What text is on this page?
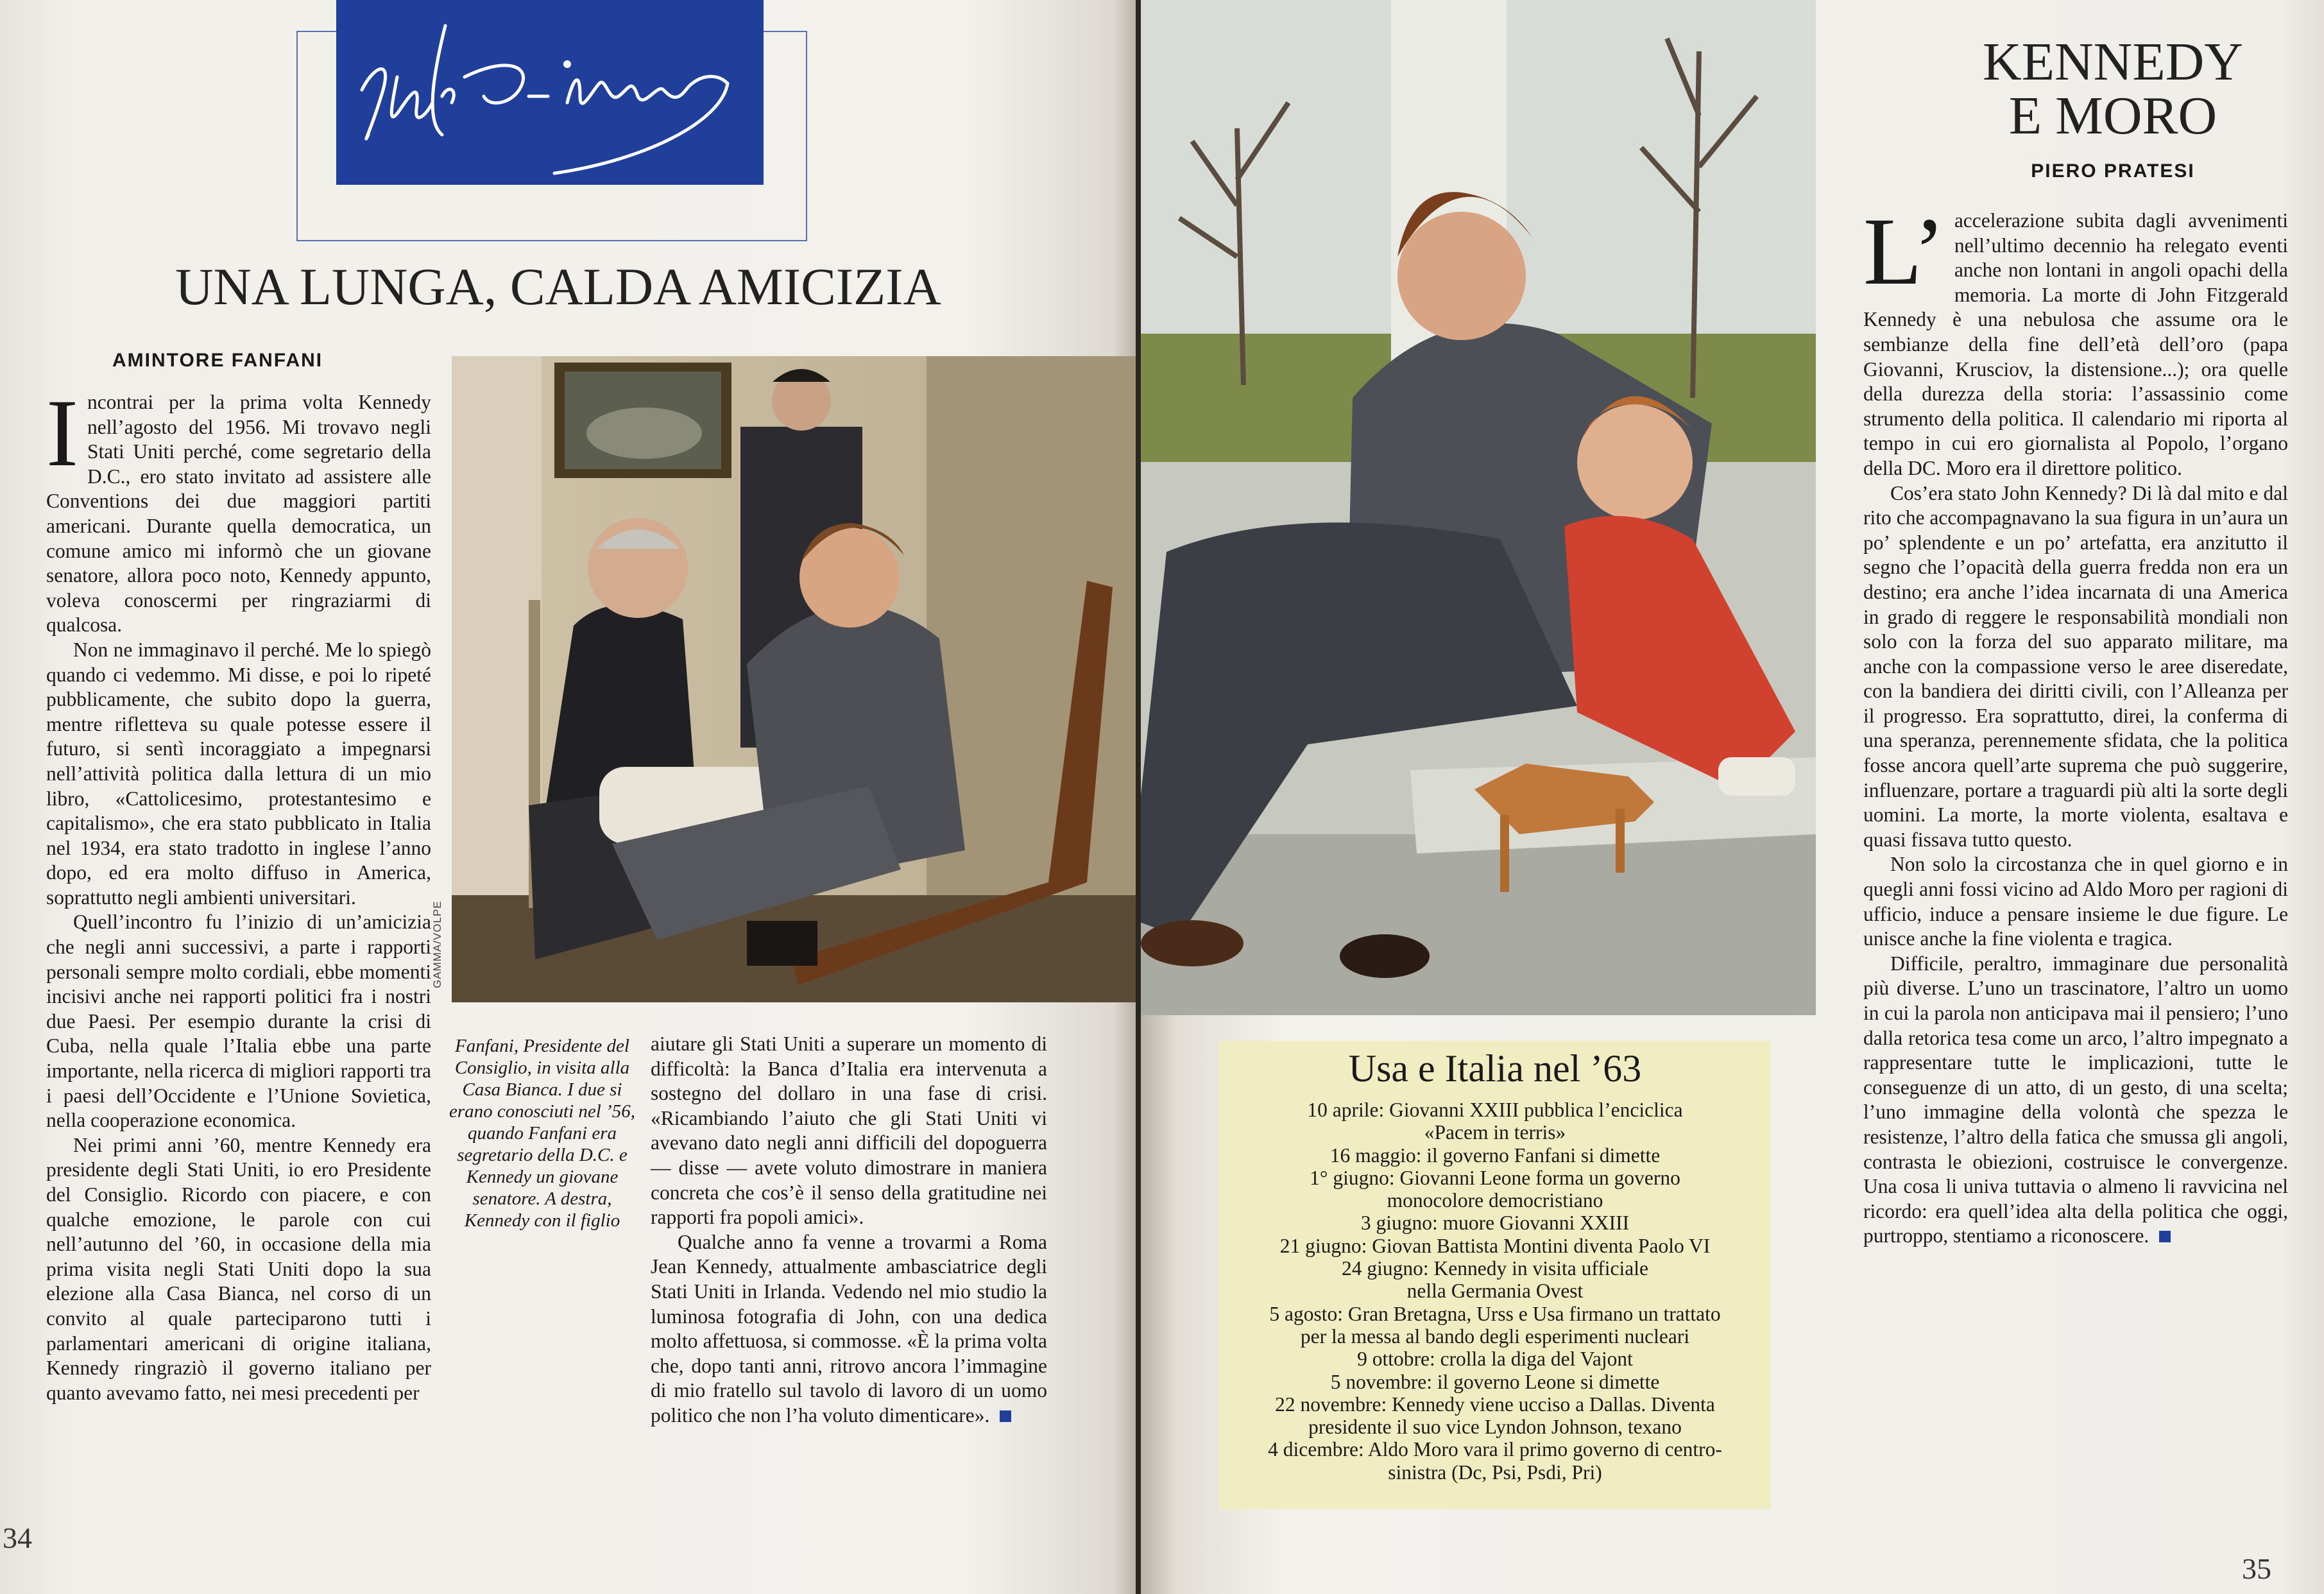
UNA LUNGA, CALDA AMICIZIA
AMINTORE FANFANI
I ncontrai per la prima volta Kennedy nell’agosto del 1956. Mi trovavo negli Stati Uniti perché, come segretario della D.C., ero stato invitato ad assistere alle Conventions dei due maggiori partiti americani. Durante quella democratica, un comune amico mi informò che un giovane senatore, allora poco noto, Kennedy appunto, voleva conoscermi per ringraziarmi di qualcosa.

Non ne immaginavo il perché. Me lo spiegò quando ci vedemmo. Mi disse, e poi lo ripeté pubblicamente, che subito dopo la guerra, mentre rifletteva su quale potesse essere il futuro, si sentì incoraggiato a impegnarsi nell’attività politica dalla lettura di un mio libro, «Cattolicesimo, protestantesimo e capitalismo», che era stato pubblicato in Italia nel 1934, era stato tradotto in inglese l’anno dopo, ed era molto diffuso in America, soprattutto negli ambienti universitari.

Quell’incontro fu l’inizio di un’amicizia che negli anni successivi, a parte i rapporti personali sempre molto cordiali, ebbe momenti incisivi anche nei rapporti politici fra i nostri due Paesi. Per esempio durante la crisi di Cuba, nella quale l’Italia ebbe una parte importante, nella ricerca di migliori rapporti tra i paesi dell’Occidente e l’Unione Sovietica, nella cooperazione economica.

Nei primi anni ’60, mentre Kennedy era presidente degli Stati Uniti, io ero Presidente del Consiglio. Ricordo con piacere, e con qualche emozione, le parole con cui nell’autunno del ’60, in occasione della mia prima visita negli Stati Uniti dopo la sua elezione alla Casa Bianca, nel corso di un convito al quale parteciparono tutti i parlamentari americani di origine italiana, Kennedy ringraziò il governo italiano per quanto avevamo fatto, nei mesi precedenti per

GAMMA/VOLPE
Fanfani, Presidente del Consiglio, in visita alla Casa Bianca. I due si erano conosciuti nel ’56, quando Fanfani era segretario della D.C. e Kennedy un giovane senatore. A destra, Kennedy con il figlio

aiutare gli Stati Uniti a superare un momento di difficoltà: la Banca d’Italia era intervenuta a sostegno del dollaro in una fase di crisi. «Ricambiando l’aiuto che gli Stati Uniti vi avevano dato negli anni difficili del dopoguerra — disse — avete voluto dimostrare in maniera concreta che cos’è il senso della gratitudine nei rapporti fra popoli amici».

Qualche anno fa venne a trovarmi a Roma Jean Kennedy, attualmente ambasciatrice degli Stati Uniti in Irlanda. Vedendo nel mio studio la luminosa fotografia di John, con una dedica molto affettuosa, si commosse. «È la prima volta che, dopo tanti anni, ritrovo ancora l’immagine di mio fratello sul tavolo di lavoro di un uomo politico che non l’ha voluto dimenticare».

34
KENNEDY
E MORO
PIERO PRATESI
L’ accelerazione subita dagli avvenimenti nell’ultimo decennio ha relegato eventi anche non lontani in angoli opachi della memoria. La morte di John Fitzgerald Kennedy è una nebulosa che assume ora le sembianze della fine dell’età dell’oro (papa Giovanni, Krusciov, la distensione...); ora quelle della durezza della storia: l’assassinio come strumento della politica. Il calendario mi riporta al tempo in cui ero giornalista al Popolo, l’organo della DC. Moro era il direttore politico.

Cos’era stato John Kennedy? Di là dal mito e dal rito che accompagnavano la sua figura in un’aura un po’ splendente e un po’ artefatta, era anzitutto il segno che l’opacità della guerra fredda non era un destino; era anche l’idea incarnata di una America in grado di reggere le responsabilità mondiali non solo con la forza del suo apparato militare, ma anche con la compassione verso le aree diseredate, con la bandiera dei diritti civili, con l’Alleanza per il progresso. Era soprattutto, direi, la conferma di una speranza, perennemente sfidata, che la politica fosse ancora quell’arte suprema che può suggerire, influenzare, portare a traguardi più alti la sorte degli uomini. La morte, la morte violenta, esaltava e quasi fissava tutto questo.

Non solo la circostanza che in quel giorno e in quegli anni fossi vicino ad Aldo Moro per ragioni di ufficio, induce a pensare insieme le due figure. Le unisce anche la fine violenta e tragica.

Difficile, peraltro, immaginare due personalità più diverse. L’uno un trascinatore, l’altro un uomo in cui la parola non anticipava mai il pensiero; l’uno dalla retorica tesa come un arco, l’altro impegnato a rappresentare tutte le implicazioni, tutte le conseguenze di un atto, di un gesto, di una scelta; l’uno immagine della volontà che spezza le resistenze, l’altro della fatica che smussa gli angoli, contrasta le obiezioni, costruisce le convergenze. Una cosa li univa tuttavia o almeno li ravvicina nel ricordo: era quell’idea alta della politica che oggi, purtroppo, stentiamo a riconoscere.

Usa e Italia nel ’63
10 aprile: Giovanni XXIII pubblica l’enciclica
«Pacem in terris»
16 maggio: il governo Fanfani si dimette
1° giugno: Giovanni Leone forma un governo
monocolore democristiano
3 giugno: muore Giovanni XXIII
21 giugno: Giovan Battista Montini diventa Paolo VI
24 giugno: Kennedy in visita ufficiale
nella Germania Ovest
5 agosto: Gran Bretagna, Urss e Usa firmano un trattato
per la messa al bando degli esperimenti nucleari
9 ottobre: crolla la diga del Vajont
5 novembre: il governo Leone si dimette
22 novembre: Kennedy viene ucciso a Dallas. Diventa
presidente il suo vice Lyndon Johnson, texano
4 dicembre: Aldo Moro vara il primo governo di centro-
sinistra (Dc, Psi, Psdi, Pri)
35
